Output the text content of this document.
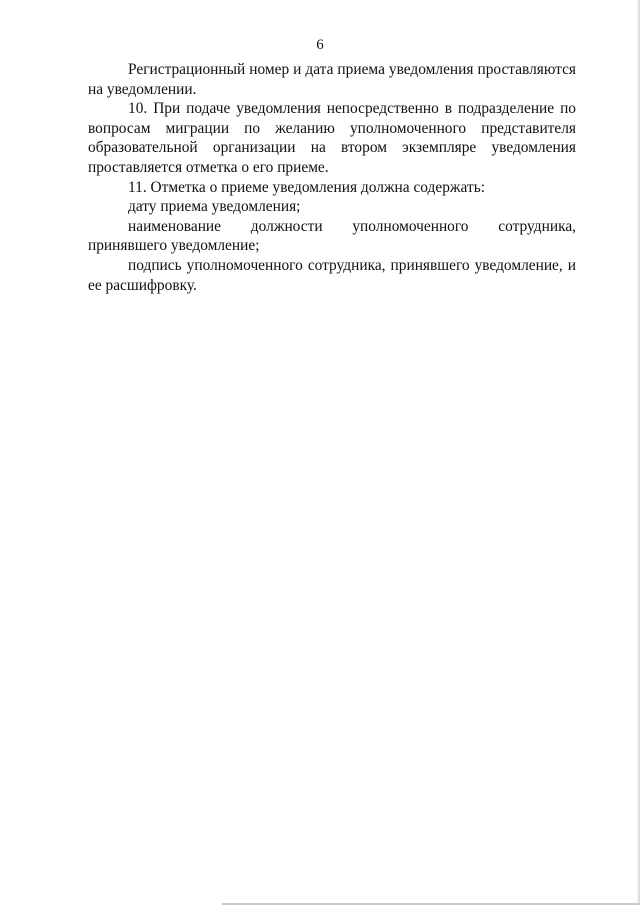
6

Регистрационный номер и дата приема уведомления проставляются на уведомлении.

10. При подаче уведомления непосредственно в подразделение по вопросам миграции по желанию уполномоченного представителя образовательной организации на втором экземпляре уведомления проставляется отметка о его приеме.

11. Отметка о приеме уведомления должна содержать:

дату приема уведомления;

наименование должности уполномоченного сотрудника, принявшего уведомление;

подпись уполномоченного сотрудника, принявшего уведомление, и ее расшифровку.
